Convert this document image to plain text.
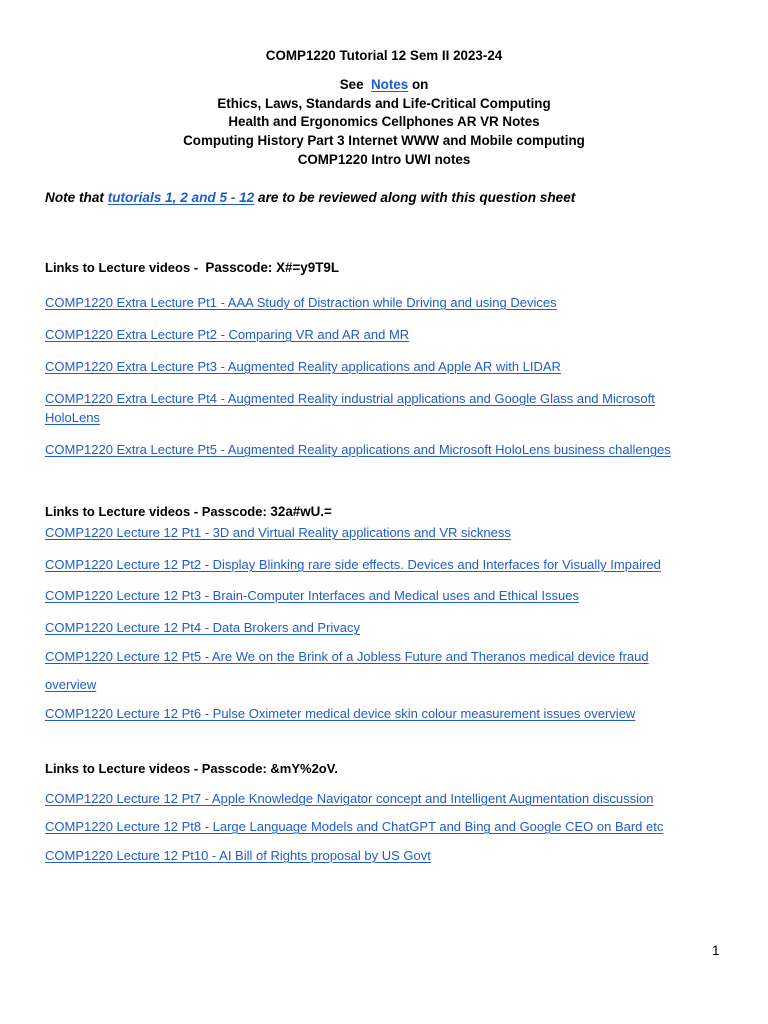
COMP1220 Tutorial 12 Sem II 2023-24
See Notes on
Ethics, Laws, Standards and Life-Critical Computing
Health and Ergonomics Cellphones AR VR Notes
Computing History Part 3 Internet WWW and Mobile computing
COMP1220 Intro UWI notes
Note that tutorials 1, 2 and 5 - 12 are to be reviewed along with this question sheet
Links to Lecture videos - Passcode: X#=y9T9L
COMP1220 Extra Lecture Pt1 - AAA Study of Distraction while Driving and using Devices
COMP1220 Extra Lecture Pt2 - Comparing VR and AR and MR
COMP1220 Extra Lecture Pt3 - Augmented Reality applications and Apple AR with LIDAR
COMP1220 Extra Lecture Pt4 - Augmented Reality industrial applications and Google Glass and Microsoft HoloLens
COMP1220 Extra Lecture Pt5 - Augmented Reality applications and Microsoft HoloLens business challenges
Links to Lecture videos - Passcode: 32a#wU.=
COMP1220 Lecture 12 Pt1 - 3D and Virtual Reality applications and VR sickness
COMP1220 Lecture 12 Pt2 - Display Blinking rare side effects. Devices and Interfaces for Visually Impaired
COMP1220 Lecture 12 Pt3 - Brain-Computer Interfaces and Medical uses and Ethical Issues
COMP1220 Lecture 12 Pt4 - Data Brokers and Privacy
COMP1220 Lecture 12 Pt5 - Are We on the Brink of a Jobless Future and Theranos medical device fraud
overview
COMP1220 Lecture 12 Pt6 - Pulse Oximeter medical device skin colour measurement issues overview
Links to Lecture videos - Passcode: &mY%2oV.
COMP1220 Lecture 12 Pt7 - Apple Knowledge Navigator concept and Intelligent Augmentation discussion
COMP1220 Lecture 12 Pt8 - Large Language Models and ChatGPT and Bing and Google CEO on Bard etc
COMP1220 Lecture 12 Pt10 - AI Bill of Rights proposal by US Govt
1
